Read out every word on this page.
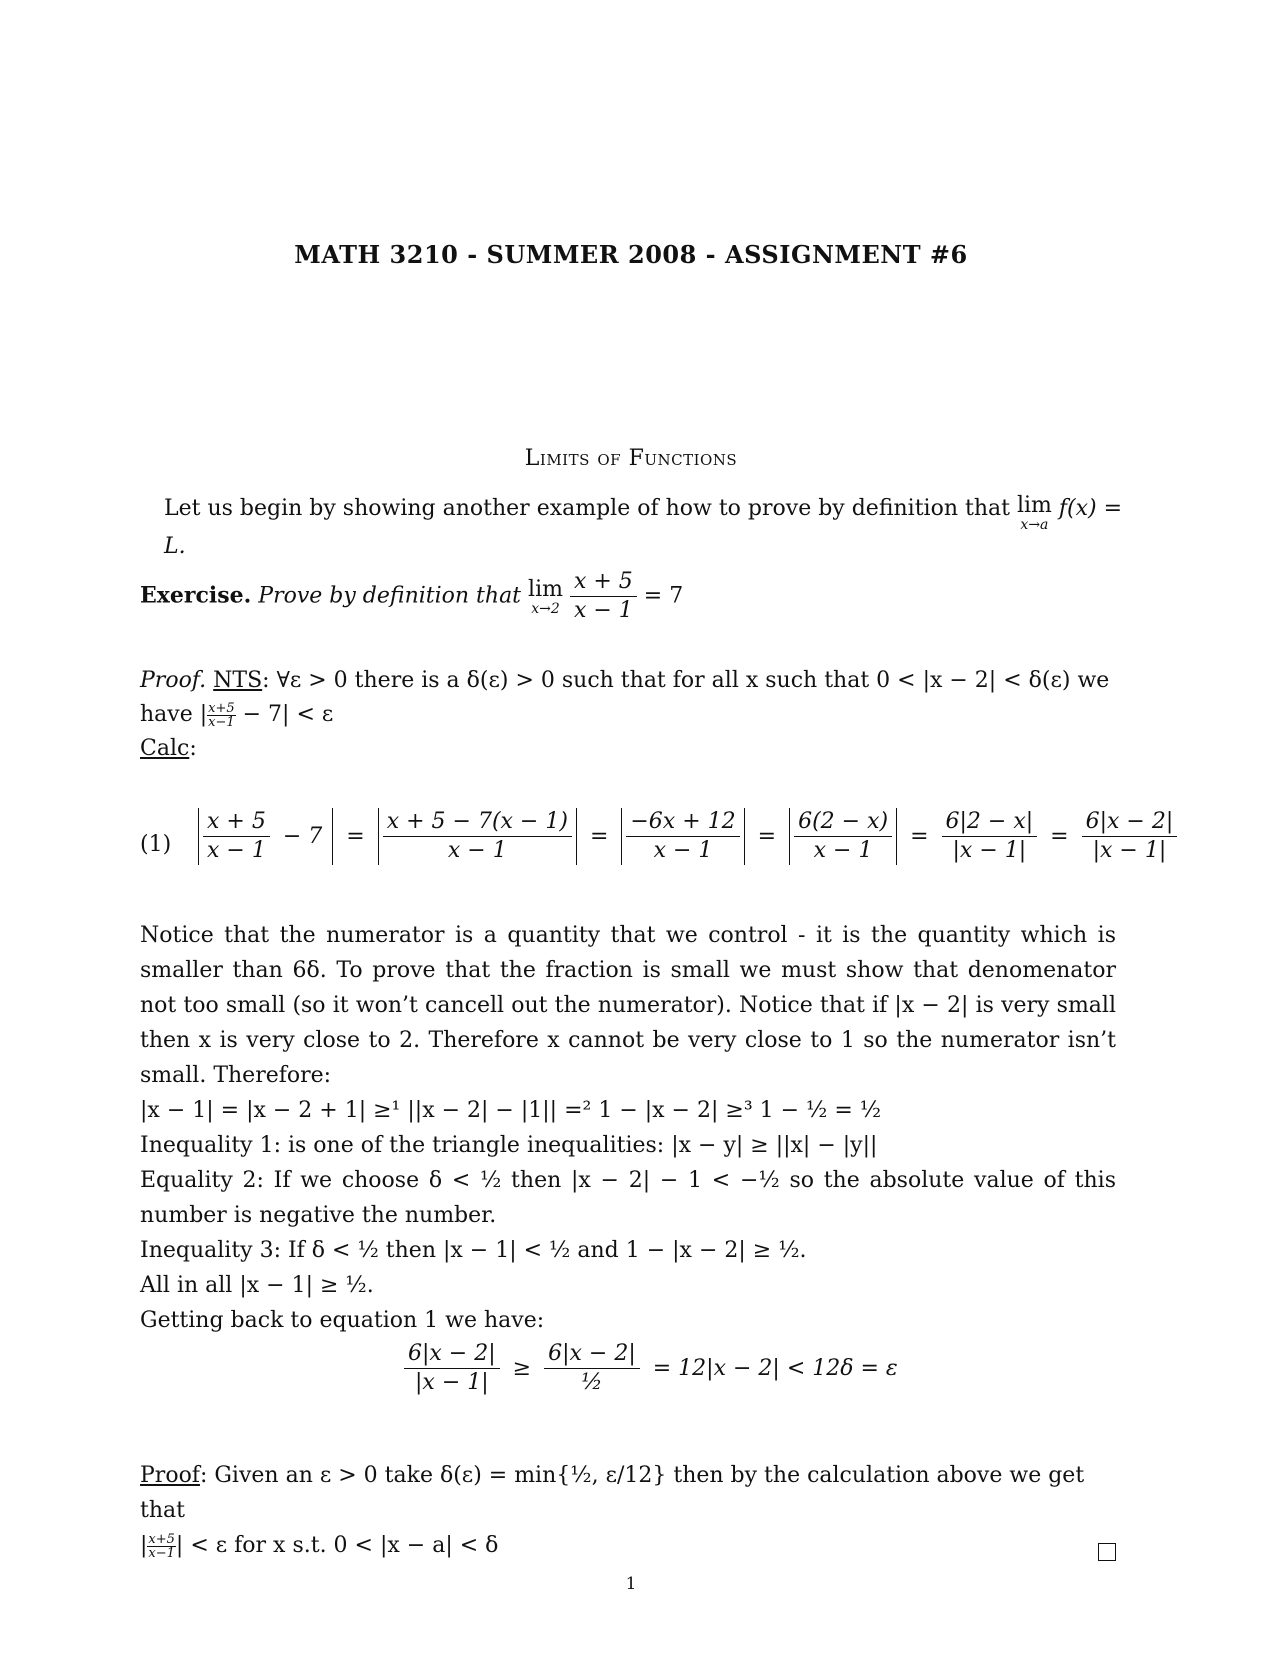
MATH 3210 - SUMMER 2008 - ASSIGNMENT #6
Limits of Functions
Let us begin by showing another example of how to prove by definition that lim
x→a
f(x) = L.
Exercise. Prove by definition that lim
x→2
$\frac{x + 5}{x - 1} = 7$
Proof. NTS: ∀ε > 0 there is a δ(ε) > 0 such that for all x such that 0 < |x − 2| < δ(ε) we
have | $\frac{x+5}{x-1} - 7| < \varepsilon$
Calc:
$(1) \frac{x + 5}{x - 1} - 7 = \frac{x + 5 - 7(x - 1)}{x - 1} = \frac{-6x + 12}{x - 1} = \frac{6(2 - x)}{x - 1} = \frac{6|2 - x|}{|x - 1|} = \frac{6|x - 2|}{|x - 1|}$

Notice that the numerator is a quantity that we control - it is the quantity which is smaller than 6δ. To prove that the fraction is small we must show that denomenator not too small (so it won’t cancell out the numerator). Notice that if |x − 2| is very small then x is very close to 2. Therefore x cannot be very close to 1 so the numerator isn’t small. Therefore:

|x − 1| = |x − 2 + 1| ≥¹ ||x − 2| − |1|| =² 1 − |x − 2| ≥³ 1 − ½ = ½

Inequality 1: is one of the triangle inequalities: |x − y| ≥ ||x| − |y||

Equality 2: If we choose δ < ½ then |x − 2| − 1 < −½ so the absolute value of this number is negative the number.

Inequality 3: If δ < ½ then |x − 1| < ½ and 1 − |x − 2| ≥ ½.

All in all |x − 1| ≥ ½.

Getting back to equation 1 we have:

$\frac{6|x - 2|}{|x - 1|} \ge \frac{6|x - 2|}{\text{½}} = 12|x - 2| < 12\delta = \varepsilon$
Proof: Given an ε > 0 take δ(ε) = min{½, ε/12} then by the calculation above we get that
| $\frac{x+5}{x-1}$ | < ε for x s.t. 0 < |x − a| < δ
1
